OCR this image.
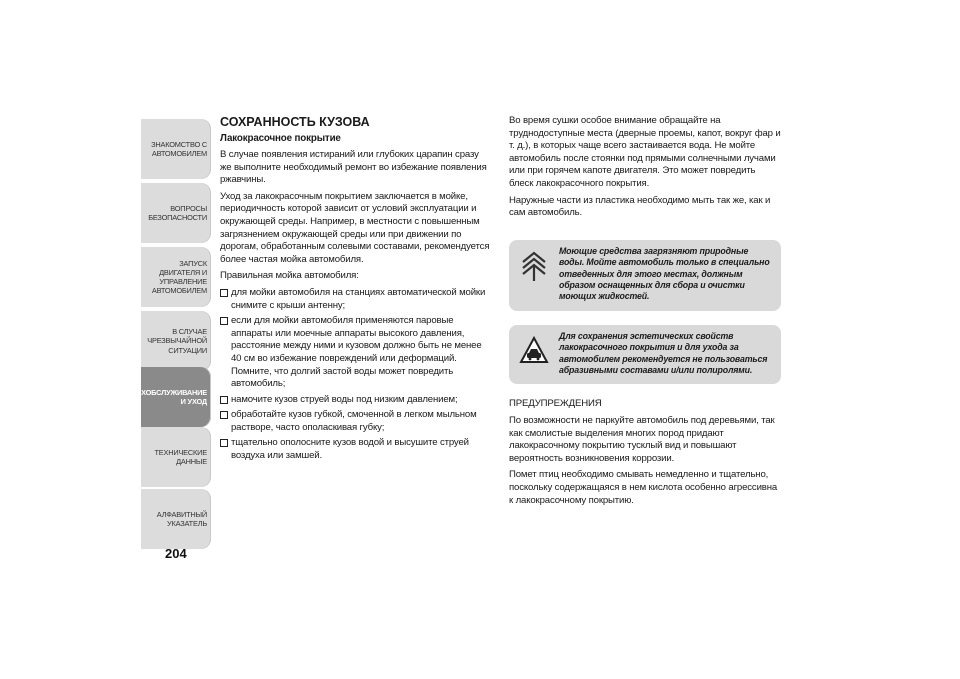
ЗНАКОМСТВО С
АВТОМОБИЛЕМ
ВОПРОСЫ
БЕЗОПАСНОСТИ
ЗАПУСК ДВИГАТЕЛЯ И
УПРАВЛЕНИЕ
АВТОМОБИЛЕМ
В СЛУЧАЕ
ЧРЕЗВЫЧАЙНОЙ
СИТУАЦИИ
ТЕХОБСЛУЖИВАНИЕ
И УХОД
ТЕХНИЧЕСКИЕ
ДАННЫЕ
АЛФАВИТНЫЙ
УКАЗАТЕЛЬ
204
СОХРАННОСТЬ КУЗОВА
Лакокрасочное покрытие

В случае появления истираний или глубоких царапин сразу же выполните необходимый ремонт во избежание появления ржавчины.

Уход за лакокрасочным покрытием заключается в мойке, периодичность которой зависит от условий эксплуатации и окружающей среды. Например, в местности с повышенным загрязнением окружающей среды или при движении по дорогам, обработанным солевыми составами, рекомендуется более частая мойка автомобиля.

Правильная мойка автомобиля:

для мойки автомобиля на станциях автоматической мойки снимите с крыши антенну;
если для мойки автомобиля применяются паровые аппараты или моечные аппараты высокого давления, расстояние между ними и кузовом должно быть не менее 40 см во избежание повреждений или деформаций. Помните, что долгий застой воды может повредить автомобиль;
намочите кузов струей воды под низким давлением;
обработайте кузов губкой, смоченной в легком мыльном растворе, часто ополаскивая губку;
тщательно ополосните кузов водой и высушите струей воздуха или замшей.

Во время сушки особое внимание обращайте на труднодоступные места (дверные проемы, капот, вокруг фар и т. д.), в которых чаще всего застаивается вода. Не мойте автомобиль после стоянки под прямыми солнечными лучами или при горячем капоте двигателя. Это может повредить блеск лакокрасочного покрытия.

Наружные части из пластика необходимо мыть так же, как и сам автомобиль.

Моющие средства загрязняют природные воды. Мойте автомобиль только в специально отведенных для этого местах, должным образом оснащенных для сбора и очистки моющих жидкостей.
Для сохранения эстетических свойств лакокрасочного покрытия и для ухода за автомобилем рекомендуется не пользоваться абразивными составами и/или полиролями.

ПРЕДУПРЕЖДЕНИЯ

По возможности не паркуйте автомобиль под деревьями, так как смолистые выделения многих пород придают лакокрасочному покрытию тусклый вид и повышают вероятность возникновения коррозии.

Помет птиц необходимо смывать немедленно и тщательно, поскольку содержащаяся в нем кислота особенно агрессивна к лакокрасочному покрытию.
